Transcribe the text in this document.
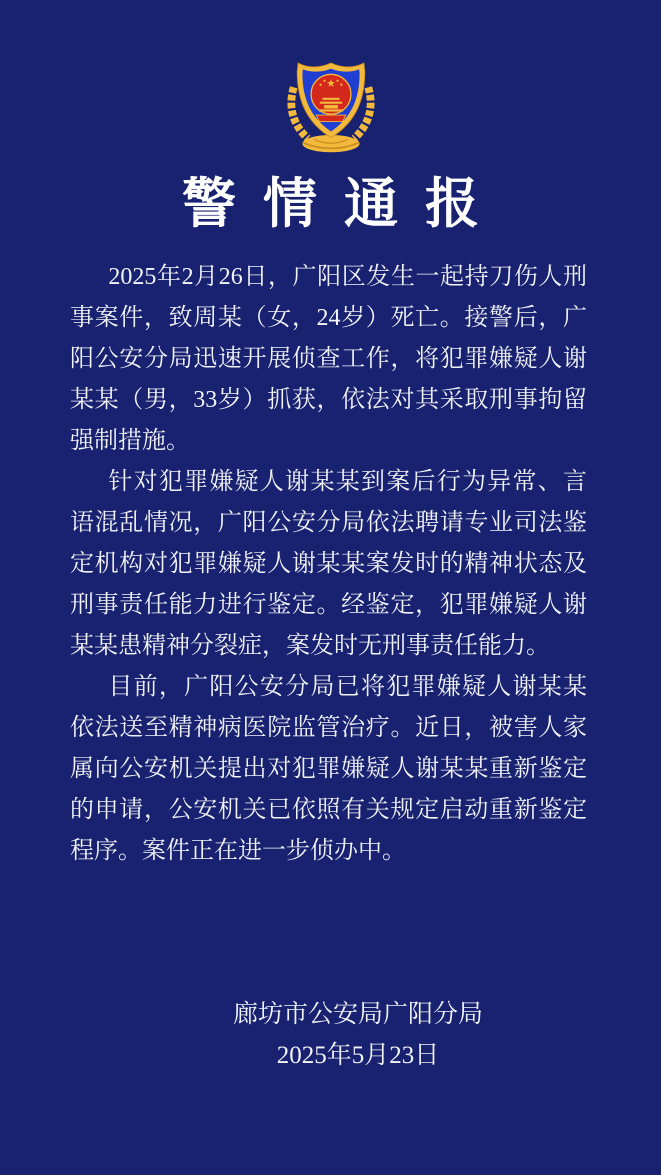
警情通报

2025年2月26日，广阳区发生一起持刀伤人刑事案件，致周某（女，24岁）死亡。接警后，广阳公安分局迅速开展侦查工作，将犯罪嫌疑人谢某某（男，33岁）抓获，依法对其采取刑事拘留强制措施。

针对犯罪嫌疑人谢某某到案后行为异常、言语混乱情况，广阳公安分局依法聘请专业司法鉴定机构对犯罪嫌疑人谢某某案发时的精神状态及刑事责任能力进行鉴定。经鉴定，犯罪嫌疑人谢某某患精神分裂症，案发时无刑事责任能力。

目前，广阳公安分局已将犯罪嫌疑人谢某某依法送至精神病医院监管治疗。近日，被害人家属向公安机关提出对犯罪嫌疑人谢某某重新鉴定的申请，公安机关已依照有关规定启动重新鉴定程序。案件正在进一步侦办中。

廊坊市公安局广阳分局
2025年5月23日
